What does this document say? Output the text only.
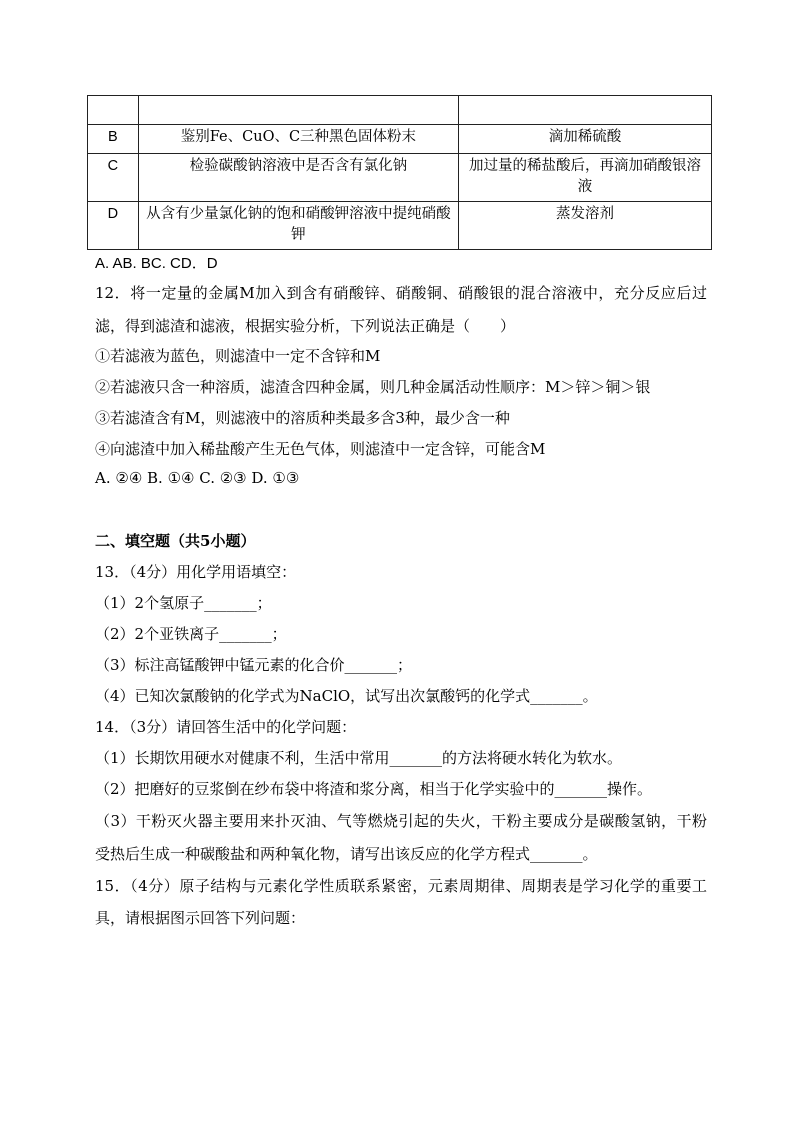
B	鉴别Fe、CuO、C三种黑色固体粉末	滴加稀硫酸
C	检验碳酸钠溶液中是否含有氯化钠	加过量的稀盐酸后，再滴加硝酸银溶液
D	从含有少量氯化钠的饱和硝酸钾溶液中提纯硝酸钾	蒸发溶剂
A. AB. BC. CD．D
12．将一定量的金属M加入到含有硝酸锌、硝酸铜、硝酸银的混合溶液中，充分反应后过
滤，得到滤渣和滤液，根据实验分析，下列说法正确是（　　）
①若滤液为蓝色，则滤渣中一定不含锌和M
②若滤液只含一种溶质，滤渣含四种金属，则几种金属活动性顺序：M＞锌＞铜＞银
③若滤渣含有M，则滤液中的溶质种类最多含3种，最少含一种
④向滤渣中加入稀盐酸产生无色气体，则滤渣中一定含锌，可能含M
A. ②④ B. ①④ C. ②③ D. ①③
二、填空题（共5小题）
13．（4分）用化学用语填空：
（1）2个氢原子_______；
（2）2个亚铁离子_______；
（3）标注高锰酸钾中锰元素的化合价_______；
（4）已知次氯酸钠的化学式为NaClO，试写出次氯酸钙的化学式_______。
14．（3分）请回答生活中的化学问题：
（1）长期饮用硬水对健康不利，生活中常用_______的方法将硬水转化为软水。
（2）把磨好的豆浆倒在纱布袋中将渣和浆分离，相当于化学实验中的_______操作。
（3）干粉灭火器主要用来扑灭油、气等燃烧引起的失火，干粉主要成分是碳酸氢钠，干粉
受热后生成一种碳酸盐和两种氧化物，请写出该反应的化学方程式_______。
15．（4分）原子结构与元素化学性质联系紧密，元素周期律、周期表是学习化学的重要工
具，请根据图示回答下列问题：
